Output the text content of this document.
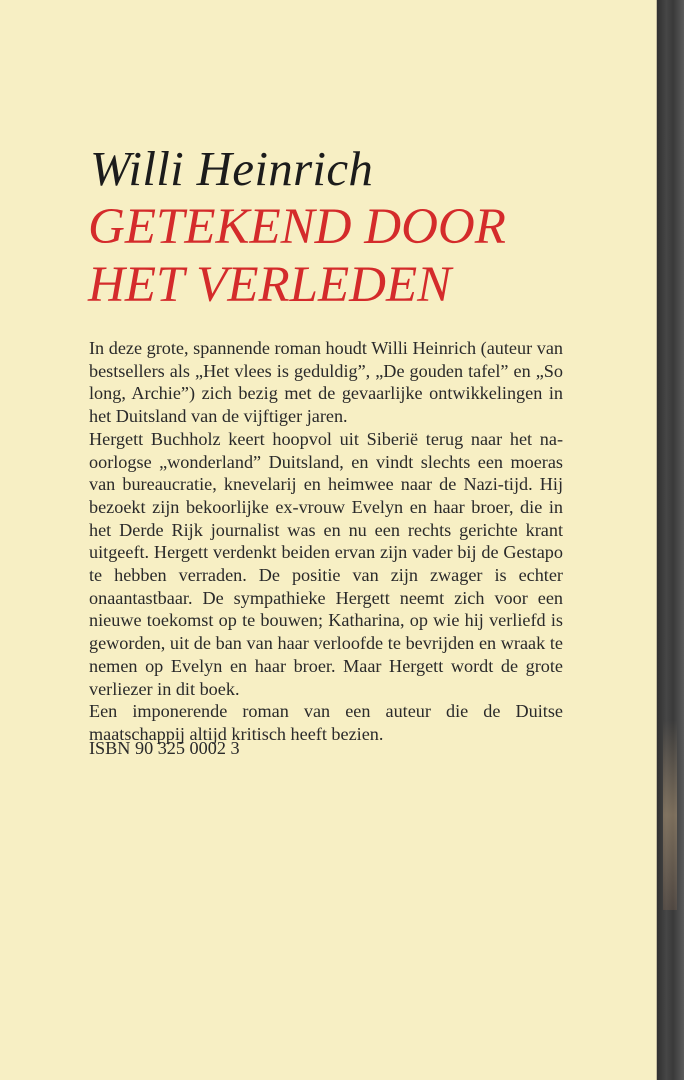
Willi Heinrich
GETEKEND DOOR
HET VERLEDEN

In deze grote, spannende roman houdt Willi Heinrich (auteur van bestsellers als „Het vlees is geduldig”, „De gouden tafel” en „So long, Archie”) zich bezig met de gevaarlijke ontwikkelingen in het Duitsland van de vijftiger jaren.

Hergett Buchholz keert hoopvol uit Siberië terug naar het na-oorlogse „wonderland” Duitsland, en vindt slechts een moeras van bureaucratie, knevelarij en heimwee naar de Nazi-tijd. Hij bezoekt zijn bekoorlijke ex-vrouw Evelyn en haar broer, die in het Derde Rijk journalist was en nu een rechts gerichte krant uitgeeft. Hergett verdenkt beiden ervan zijn vader bij de Gestapo te hebben verraden. De positie van zijn zwager is echter onaantastbaar. De sympathieke Hergett neemt zich voor een nieuwe toekomst op te bouwen; Katharina, op wie hij verliefd is geworden, uit de ban van haar verloofde te bevrijden en wraak te nemen op Evelyn en haar broer. Maar Hergett wordt de grote verliezer in dit boek.

Een imponerende roman van een auteur die de Duitse maatschappij altijd kritisch heeft bezien.

ISBN 90 325 0002 3
